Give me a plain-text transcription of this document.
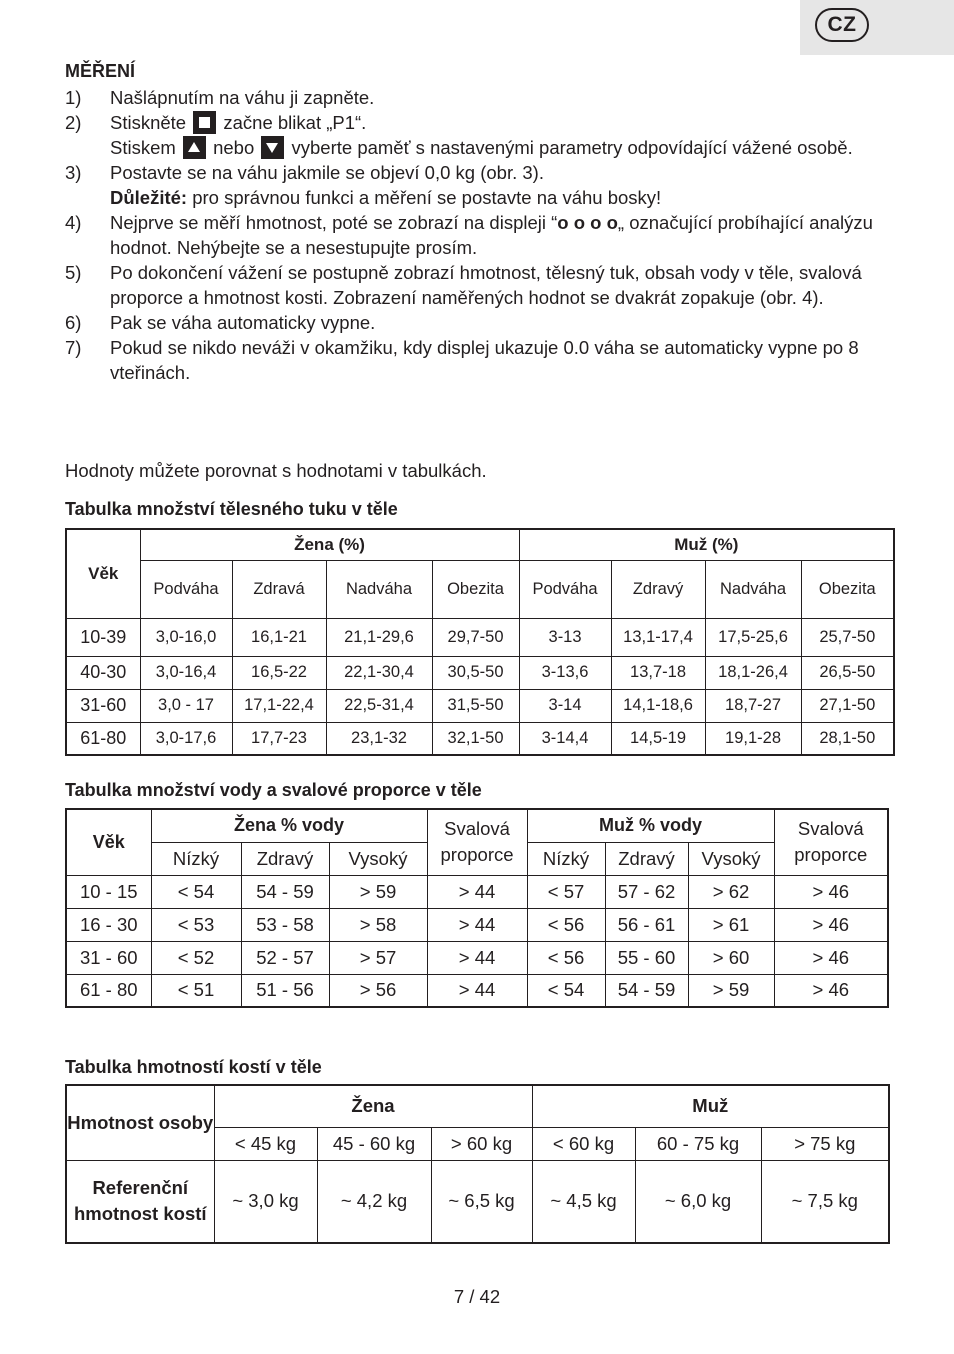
CZ
MĚŘENÍ
1)	Našlápnutím na váhu ji zapněte.
2)	Stiskněte  začne blikat „P1“.
Stiskem  nebo  vyberte paměť s nastavenými parametry odpovídající vážené osobě.
3)	Postavte se na váhu jakmile se objeví 0,0 kg (obr. 3).
Důležité: pro správnou funkci a měření se postavte na váhu bosky!
4)	Nejprve se měří hmotnost, poté se zobrazí na displeji “o o o o„ označující probíhající analýzu hodnot. Nehýbejte se a nesestupujte prosím.
5)	Po dokončení vážení se postupně zobrazí hmotnost, tělesný tuk, obsah vody v těle, svalová proporce a hmotnost kosti. Zobrazení naměřených hodnot se dvakrát zopakuje (obr. 4).
6)	Pak se váha automaticky vypne.
7)	Pokud se nikdo neváži v okamžiku, kdy displej ukazuje 0.0 váha se automaticky vypne po 8 vteřinách.
Hodnoty můžete porovnat s hodnotami v tabulkách.
Tabulka množství tělesného tuku v těle
Věk	Žena (%)				Muž (%)			
	Podváha	Zdravá	Nadváha	Obezita	Podváha	Zdravý	Nadváha	Obezita
10-39	3,0-16,0	16,1-21	21,1-29,6	29,7-50	3-13	13,1-17,4	17,5-25,6	25,7-50
40-30	3,0-16,4	16,5-22	22,1-30,4	30,5-50	3-13,6	13,7-18	18,1-26,4	26,5-50
31-60	3,0 - 17	17,1-22,4	22,5-31,4	31,5-50	3-14	14,1-18,6	18,7-27	27,1-50
61-80	3,0-17,6	17,7-23	23,1-32	32,1-50	3-14,4	14,5-19	19,1-28	28,1-50
Tabulka množství vody a svalové proporce v těle
Věk	Žena % vody			Svalová proporce	Muž % vody			Svalová proporce
	Nízký	Zdravý	Vysoký		Nízký	Zdravý	Vysoký	
10 - 15	< 54	54 - 59	> 59	> 44	< 57	57 - 62	> 62	> 46
16 - 30	< 53	53 - 58	> 58	> 44	< 56	56 - 61	> 61	> 46
31 - 60	< 52	52 - 57	> 57	> 44	< 56	55 - 60	> 60	> 46
61 - 80	< 51	51 - 56	> 56	> 44	< 54	54 - 59	> 59	> 46
Tabulka hmotností kostí v těle
Hmotnost osoby	Žena			Muž		
	< 45 kg	45 - 60 kg	> 60 kg	< 60 kg	60 - 75 kg	> 75 kg
Referenční hmotnost kostí	~ 3,0 kg	~ 4,2 kg	~ 6,5 kg	~ 4,5 kg	~ 6,0 kg	~ 7,5 kg
7 / 42
